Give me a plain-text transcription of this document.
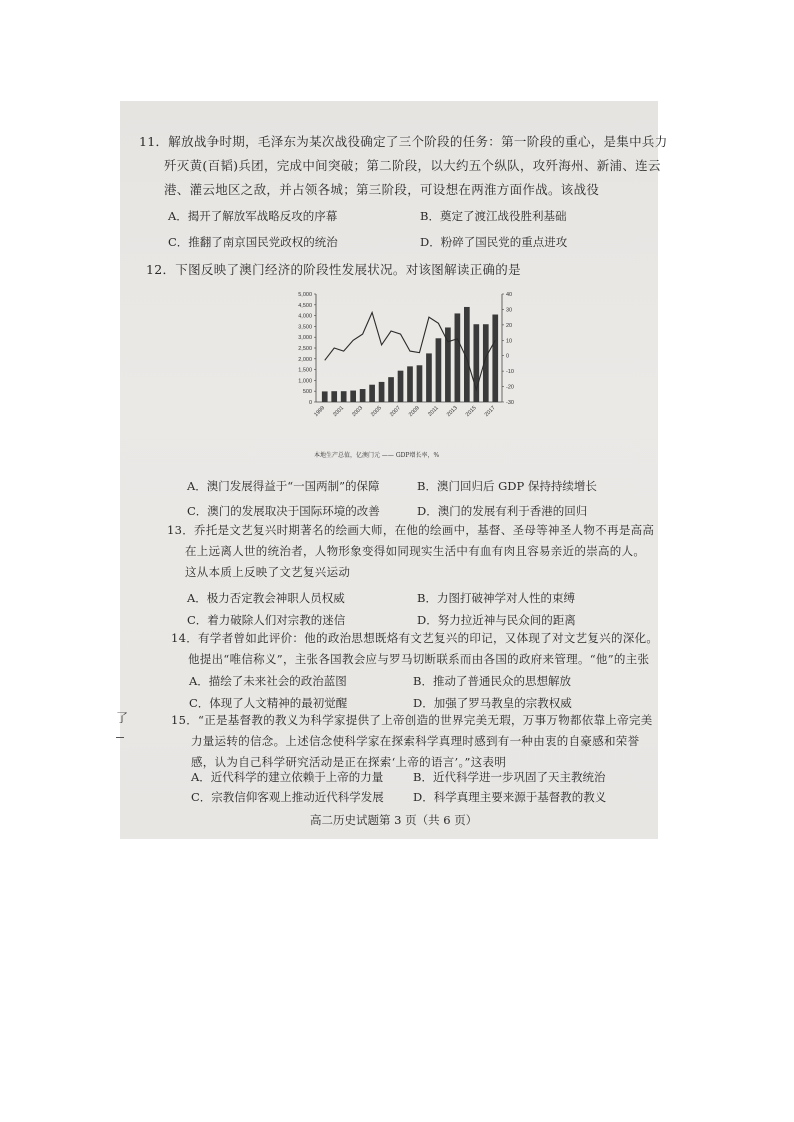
11．解放战争时期，毛泽东为某次战役确定了三个阶段的任务：第一阶段的重心，是集中兵力
歼灭黄(百韬)兵团，完成中间突破；第二阶段，以大约五个纵队，攻歼海州、新浦、连云
港、灌云地区之敌，并占领各城；第三阶段，可设想在两淮方面作战。该战役
A．揭开了解放军战略反攻的序幕	B．奠定了渡江战役胜利基础
C．推翻了南京国民党政权的统治	D．粉碎了国民党的重点进攻
12．下图反映了澳门经济的阶段性发展状况。对该图解读正确的是
5,000
4,500
4,000
3,500
3,000
2,500
2,000
1,500
1,000
500
0
40
30
20
10
0
-10
-20
-30
1999 2001 2003 2005 2007 2009 2011 2013 2015 2017
本地生产总值，亿澳门元 —— GDP增长率，%
A．澳门发展得益于“一国两制”的保障	B．澳门回归后 GDP 保持持续增长
C．澳门的发展取决于国际环境的改善	D．澳门的发展有利于香港的回归
13．乔托是文艺复兴时期著名的绘画大师，在他的绘画中，基督、圣母等神圣人物不再是高高
在上远离人世的统治者，人物形象变得如同现实生活中有血有肉且容易亲近的崇高的人。
这从本质上反映了文艺复兴运动
A．极力否定教会神职人员权威	B．力图打破神学对人性的束缚
C．着力破除人们对宗教的迷信	D．努力拉近神与民众间的距离
14．有学者曾如此评价：他的政治思想既烙有文艺复兴的印记，又体现了对文艺复兴的深化。
他提出“唯信称义”，主张各国教会应与罗马切断联系而由各国的政府来管理。“他”的主张
A．描绘了未来社会的政治蓝图	B．推动了普通民众的思想解放
C．体现了人文精神的最初觉醒	D．加强了罗马教皇的宗教权威
15．“正是基督教的教义为科学家提供了上帝创造的世界完美无瑕，万事万物都依靠上帝完美
力量运转的信念。上述信念使科学家在探索科学真理时感到有一种由衷的自豪感和荣誉
感，认为自己科学研究活动是正在探索‘上帝的语言’。”这表明
A．近代科学的建立依赖于上帝的力量	B．近代科学进一步巩固了天主教统治
C．宗教信仰客观上推动近代科学发展	D．科学真理主要来源于基督教的教义
高二历史试题第 3 页（共 6 页）
了
